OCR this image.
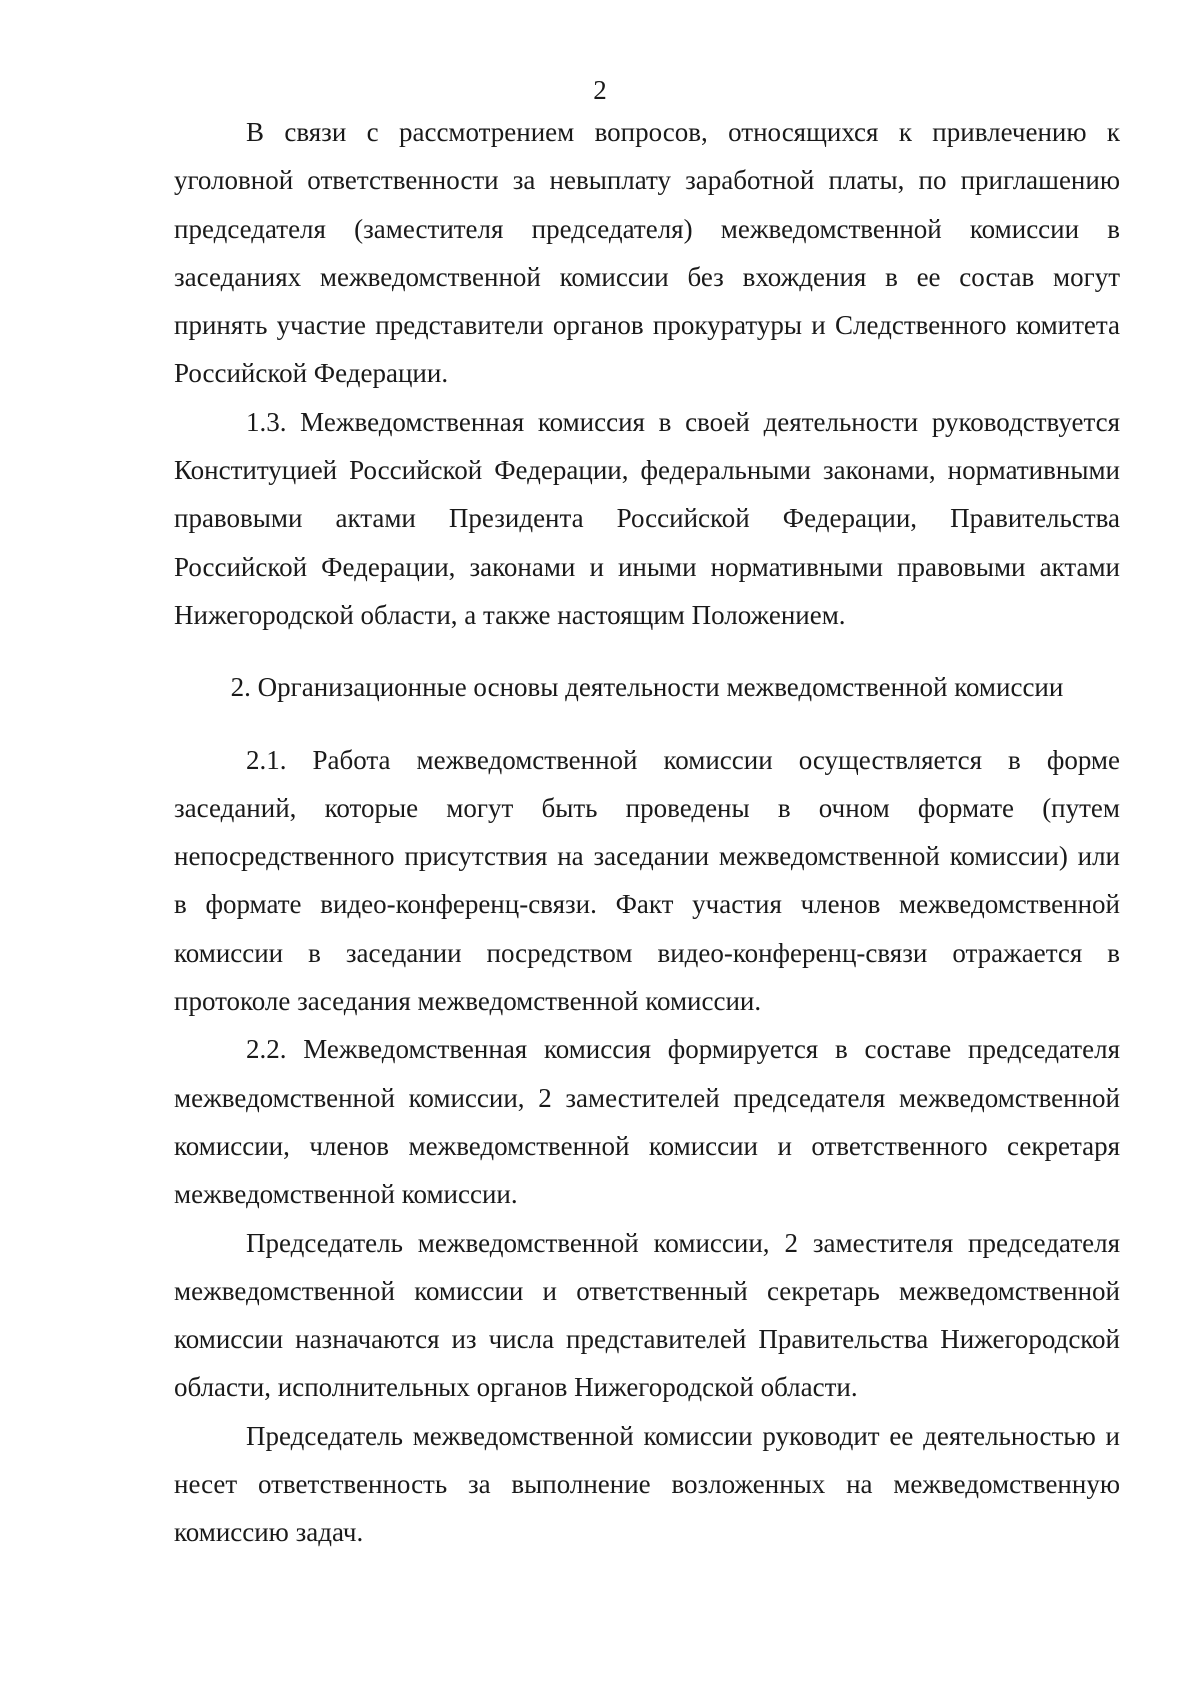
2

В связи с рассмотрением вопросов, относящихся к привлечению к уголовной ответственности за невыплату заработной платы, по приглашению председателя (заместителя председателя) межведомственной комиссии в заседаниях межведомственной комиссии без вхождения в ее состав могут принять участие представители органов прокуратуры и Следственного комитета Российской Федерации.

1.3. Межведомственная комиссия в своей деятельности руководствуется Конституцией Российской Федерации, федеральными законами, нормативными правовыми актами Президента Российской Федерации, Правительства Российской Федерации, законами и иными нормативными правовыми актами Нижегородской области, а также настоящим Положением.

2. Организационные основы деятельности межведомственной комиссии

2.1. Работа межведомственной комиссии осуществляется в форме заседаний, которые могут быть проведены в очном формате (путем непосредственного присутствия на заседании межведомственной комиссии) или в формате видео-конференц-связи. Факт участия членов межведомственной комиссии в заседании посредством видео-конференц-связи отражается в протоколе заседания межведомственной комиссии.

2.2. Межведомственная комиссия формируется в составе председателя межведомственной комиссии, 2 заместителей председателя межведомственной комиссии, членов межведомственной комиссии и ответственного секретаря межведомственной комиссии.

Председатель межведомственной комиссии, 2 заместителя председателя межведомственной комиссии и ответственный секретарь межведомственной комиссии назначаются из числа представителей Правительства Нижегородской области, исполнительных органов Нижегородской области.

Председатель межведомственной комиссии руководит ее деятельностью и несет ответственность за выполнение возложенных на межведомственную комиссию задач.
